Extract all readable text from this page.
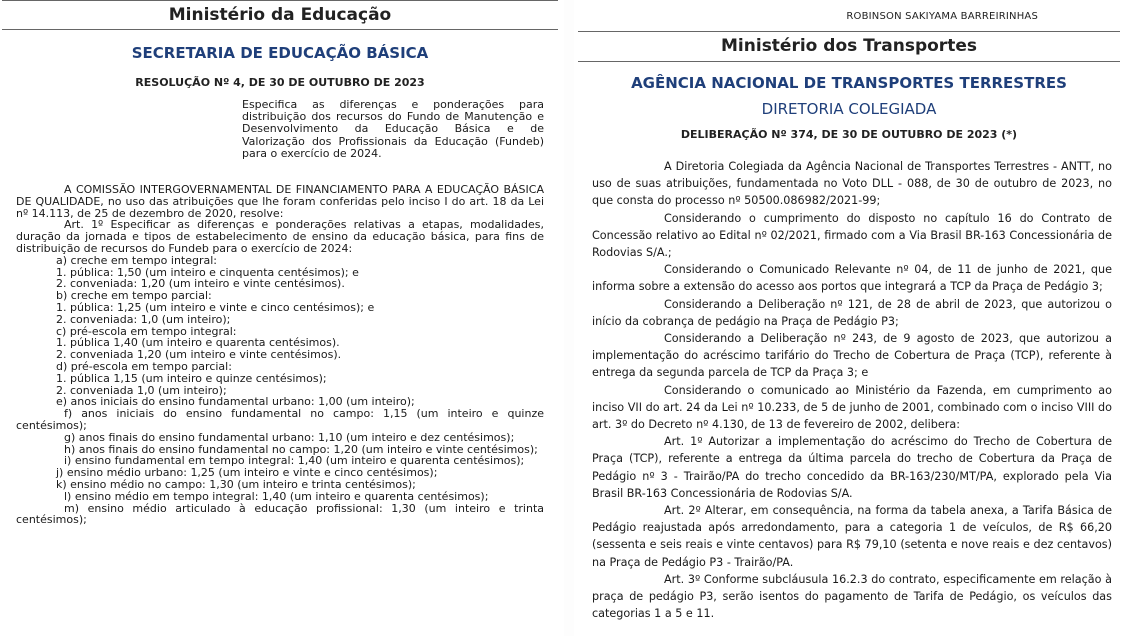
Ministério da Educação
SECRETARIA DE EDUCAÇÃO BÁSICA
RESOLUÇÃO Nº 4, DE 30 DE OUTUBRO DE 2023
Especifica as diferenças e ponderações para distribuição dos recursos do Fundo de Manutenção e Desenvolvimento da Educação Básica e de Valorização dos Profissionais da Educação (Fundeb) para o exercício de 2024.

A COMISSÃO INTERGOVERNAMENTAL DE FINANCIAMENTO PARA A EDUCAÇÃO BÁSICA DE QUALIDADE, no uso das atribuições que lhe foram conferidas pelo inciso I do art. 18 da Lei nº 14.113, de 25 de dezembro de 2020, resolve:

Art. 1º Especificar as diferenças e ponderações relativas a etapas, modalidades, duração da jornada e tipos de estabelecimento de ensino da educação básica, para fins de distribuição de recursos do Fundeb para o exercício de 2024:

a) creche em tempo integral:

1. pública: 1,50 (um inteiro e cinquenta centésimos); e

2. conveniada: 1,20 (um inteiro e vinte centésimos).

b) creche em tempo parcial:

1. pública: 1,25 (um inteiro e vinte e cinco centésimos); e

2. conveniada: 1,0 (um inteiro);

c) pré-escola em tempo integral:

1. pública 1,40 (um inteiro e quarenta centésimos).

2. conveniada 1,20 (um inteiro e vinte centésimos).

d) pré-escola em tempo parcial:

1. pública 1,15 (um inteiro e quinze centésimos);

2. conveniada 1,0 (um inteiro);

e) anos iniciais do ensino fundamental urbano: 1,00 (um inteiro);

f) anos iniciais do ensino fundamental no campo: 1,15 (um inteiro e quinze centésimos);

g) anos finais do ensino fundamental urbano: 1,10 (um inteiro e dez centésimos);

h) anos finais do ensino fundamental no campo: 1,20 (um inteiro e vinte centésimos);

i) ensino fundamental em tempo integral: 1,40 (um inteiro e quarenta centésimos);

j) ensino médio urbano: 1,25 (um inteiro e vinte e cinco centésimos);

k) ensino médio no campo: 1,30 (um inteiro e trinta centésimos);

l) ensino médio em tempo integral: 1,40 (um inteiro e quarenta centésimos);

m) ensino médio articulado à educação profissional: 1,30 (um inteiro e trinta centésimos);

ROBINSON SAKIYAMA BARREIRINHAS
Ministério dos Transportes
AGÊNCIA NACIONAL DE TRANSPORTES TERRESTRES
DIRETORIA COLEGIADA
DELIBERAÇÃO Nº 374, DE 30 DE OUTUBRO DE 2023 (*)

A Diretoria Colegiada da Agência Nacional de Transportes Terrestres - ANTT, no uso de suas atribuições, fundamentada no Voto DLL - 088, de 30 de outubro de 2023, no que consta do processo nº 50500.086982/2021-99;

Considerando o cumprimento do disposto no capítulo 16 do Contrato de Concessão relativo ao Edital nº 02/2021, firmado com a Via Brasil BR-163 Concessionária de Rodovias S/A.;

Considerando o Comunicado Relevante nº 04, de 11 de junho de 2021, que informa sobre a extensão do acesso aos portos que integrará a TCP da Praça de Pedágio 3;

Considerando a Deliberação nº 121, de 28 de abril de 2023, que autorizou o início da cobrança de pedágio na Praça de Pedágio P3;

Considerando a Deliberação nº 243, de 9 agosto de 2023, que autorizou a implementação do acréscimo tarifário do Trecho de Cobertura de Praça (TCP), referente à entrega da segunda parcela de TCP da Praça 3; e

Considerando o comunicado ao Ministério da Fazenda, em cumprimento ao inciso VII do art. 24 da Lei nº 10.233, de 5 de junho de 2001, combinado com o inciso VIII do art. 3º do Decreto nº 4.130, de 13 de fevereiro de 2002, delibera:

Art. 1º Autorizar a implementação do acréscimo do Trecho de Cobertura de Praça (TCP), referente a entrega da última parcela do trecho de Cobertura da Praça de Pedágio nº 3 - Trairão/PA do trecho concedido da BR-163/230/MT/PA, explorado pela Via Brasil BR-163 Concessionária de Rodovias S/A.

Art. 2º Alterar, em consequência, na forma da tabela anexa, a Tarifa Básica de Pedágio reajustada após arredondamento, para a categoria 1 de veículos, de R$ 66,20 (sessenta e seis reais e vinte centavos) para R$ 79,10 (setenta e nove reais e dez centavos) na Praça de Pedágio P3 - Trairão/PA.

Art. 3º Conforme subcláusula 16.2.3 do contrato, especificamente em relação à praça de pedágio P3, serão isentos do pagamento de Tarifa de Pedágio, os veículos das categorias 1 a 5 e 11.
